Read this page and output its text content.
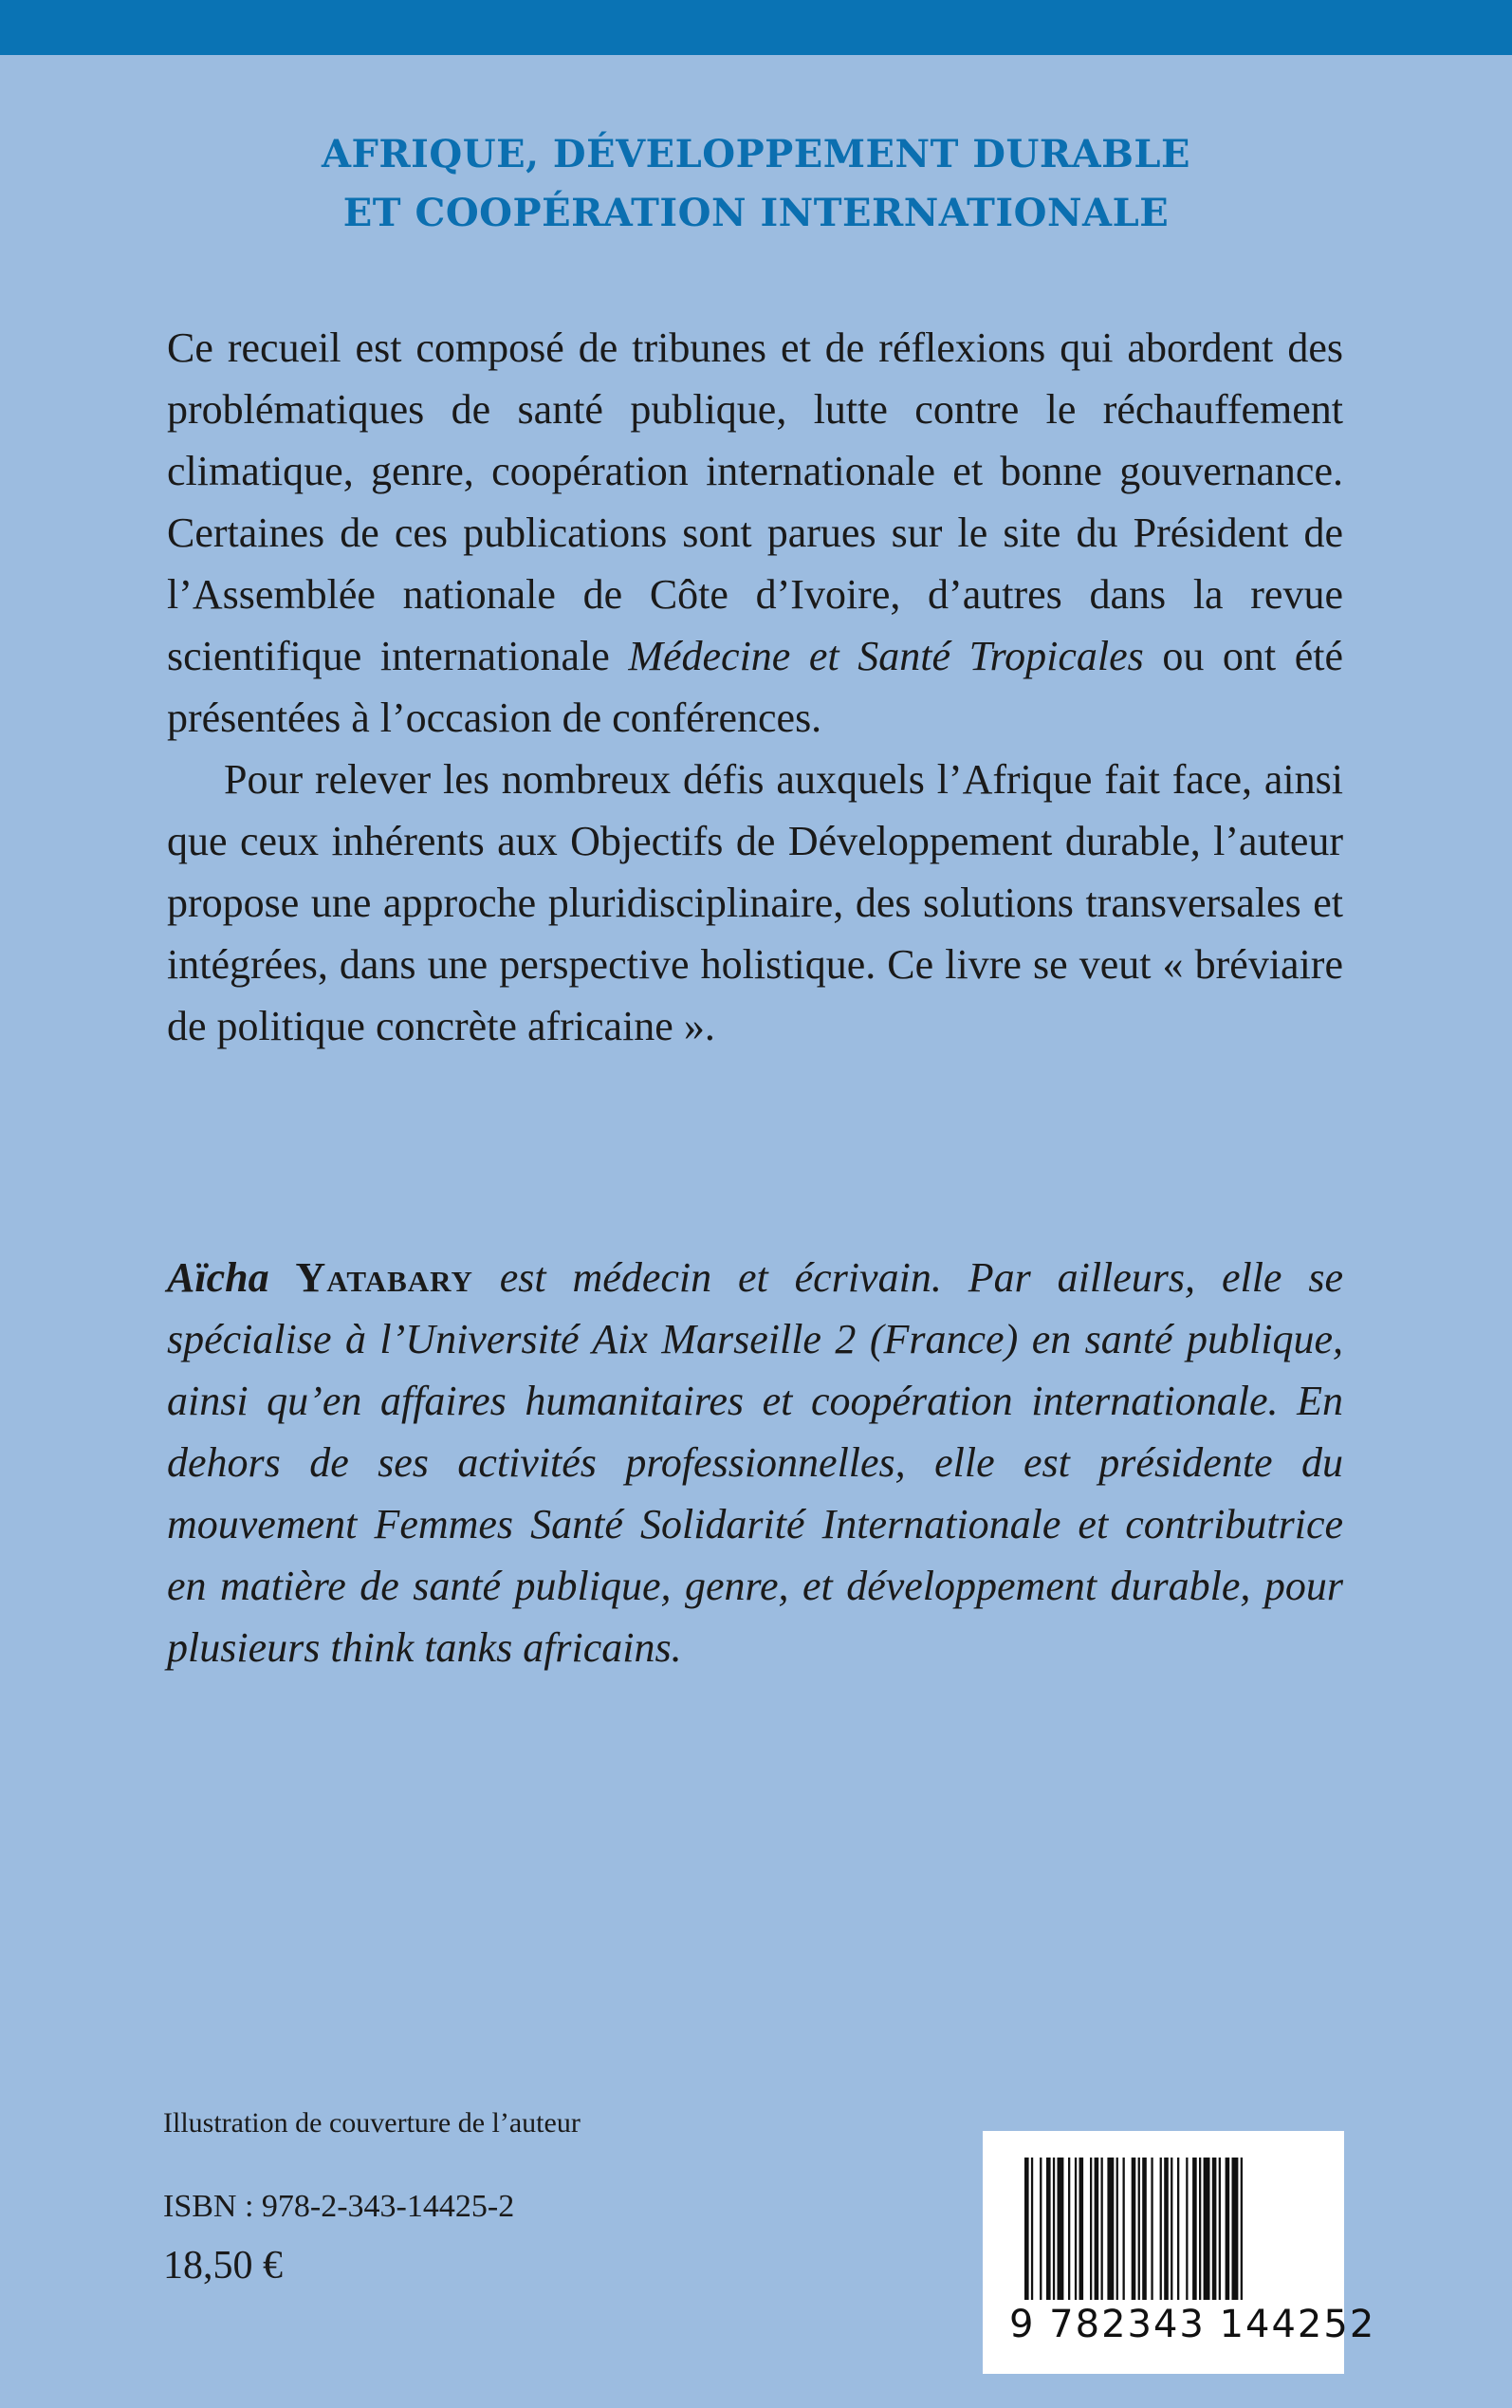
AFRIQUE, DÉVELOPPEMENT DURABLE
ET COOPÉRATION INTERNATIONALE

Ce recueil est composé de tribunes et de réflexions qui abordent des problématiques de santé publique, lutte contre le réchauffement climatique, genre, coopération internationale et bonne gouvernance. Certaines de ces publications sont parues sur le site du Président de l’Assemblée nationale de Côte d’Ivoire, d’autres dans la revue scientifique internationale Médecine et Santé Tropicales ou ont été présentées à l’occasion de conférences.

Pour relever les nombreux défis auxquels l’Afrique fait face, ainsi que ceux inhérents aux Objectifs de Développement durable, l’auteur propose une approche pluridisciplinaire, des solutions transversales et intégrées, dans une perspective holistique. Ce livre se veut « bréviaire de politique concrète africaine ».

Aïcha Yatabary est médecin et écrivain. Par ailleurs, elle se spécialise à l’Université Aix Marseille 2 (France) en santé publique, ainsi qu’en affaires humanitaires et coopération internationale. En dehors de ses activités professionnelles, elle est présidente du mouvement Femmes Santé Solidarité Internationale et contributrice en matière de santé publique, genre, et développement durable, pour plusieurs think tanks africains.
Illustration de couverture de l’auteur
ISBN : 978-2-343-14425-2
18,50 €
9 782343 144252
